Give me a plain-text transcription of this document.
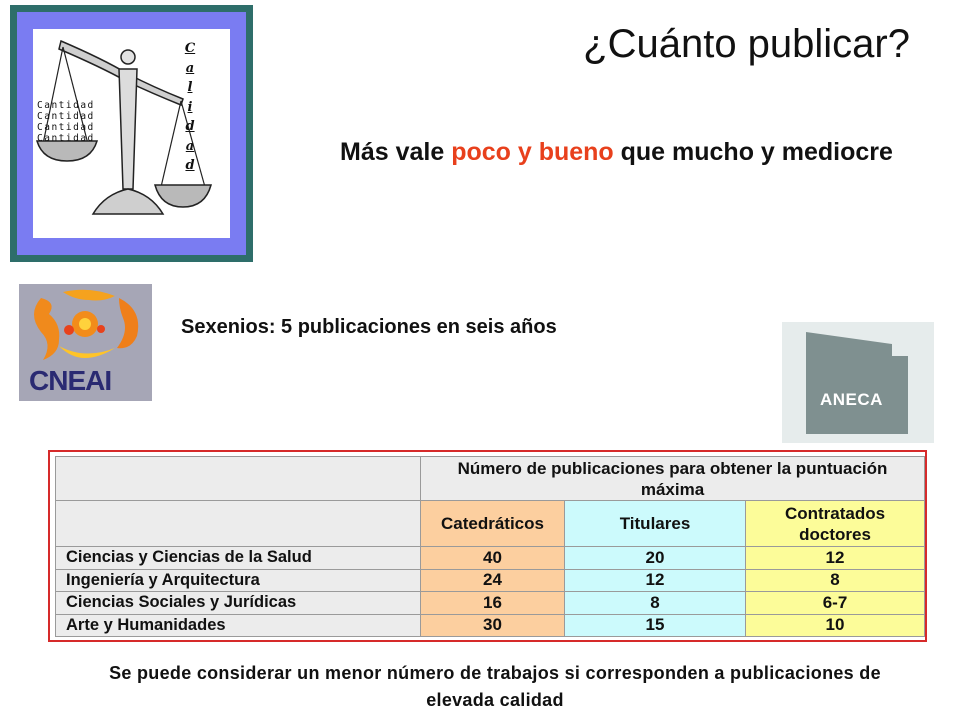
Cantidad
Cantidad
Cantidad
Cantidad
C
a
l
i
d
a
d
¿Cuánto publicar?
Más vale poco y bueno que mucho y mediocre
CNEAI
Sexenios: 5 publicaciones en seis años
ANECA
	Número de publicaciones para obtener la puntuación máxima		
	Catedráticos	Titulares	Contratados doctores
Ciencias y Ciencias de la Salud	40	20	12
Ingeniería y Arquitectura	24	12	8
Ciencias Sociales y Jurídicas	16	8	6-7
Arte y Humanidades	30	15	10
Se puede considerar un menor número de trabajos si corresponden a publicaciones de elevada calidad
